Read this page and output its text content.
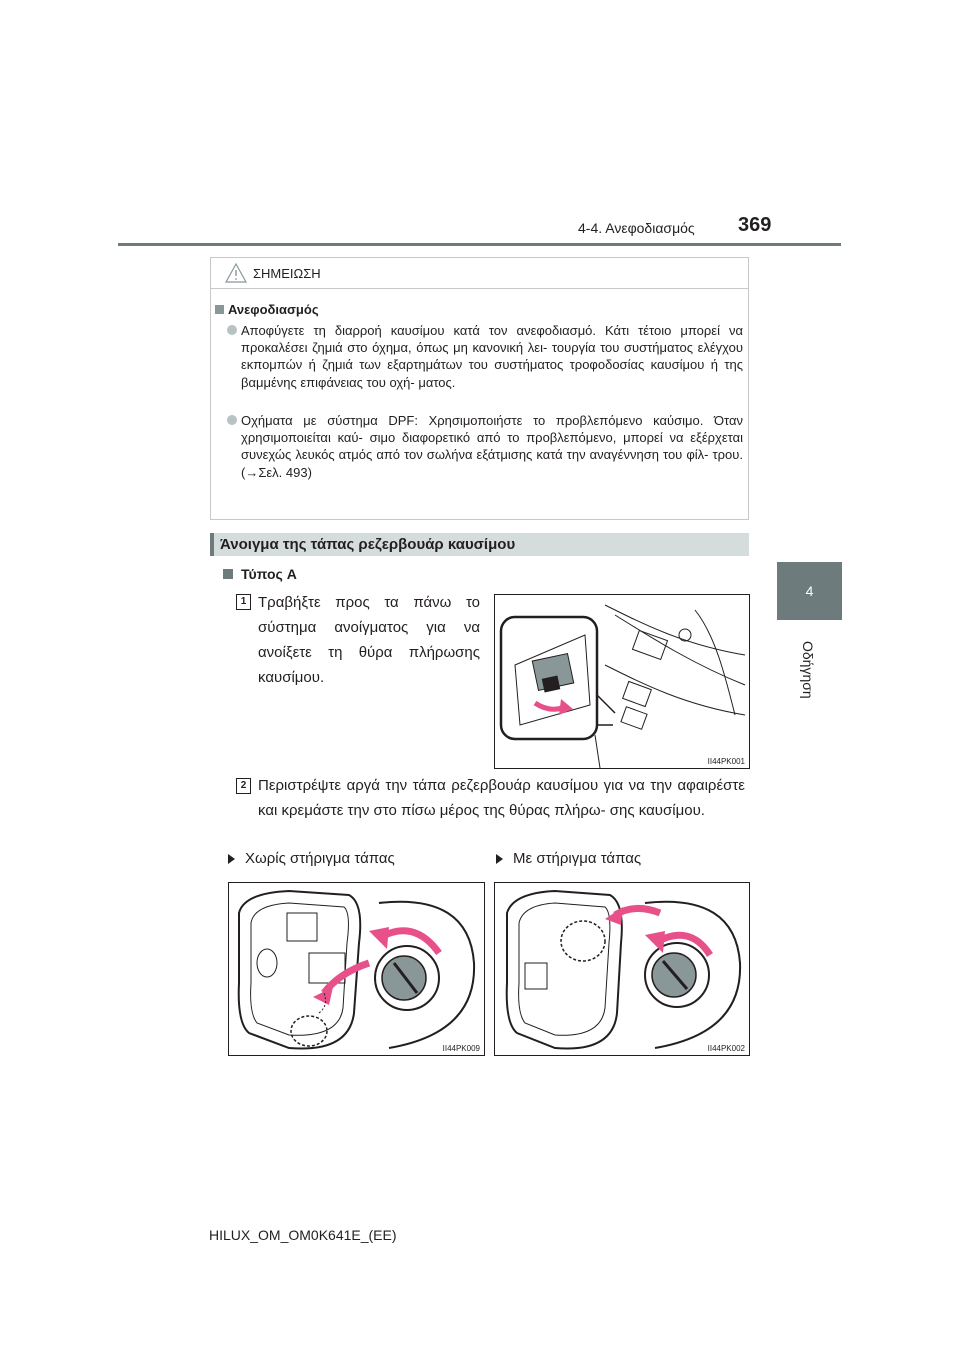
4-4. Ανεφοδιασμός 369
4
Οδήγηση
ΣΗΜΕΙΩΣΗ
Ανεφοδιασμός
Αποφύγετε τη διαρροή καυσίμου κατά τον ανεφοδιασμό. Κάτι τέτοιο μπορεί να προκαλέσει ζημιά στο όχημα, όπως μη κανονική λει- τουργία του συστήματος ελέγχου εκπομπών ή ζημιά των εξαρτημάτων του συστήματος τροφοδοσίας καυσίμου ή της βαμμένης επιφάνειας του οχή- ματος.
Οχήματα με σύστημα DPF: Χρησιμοποιήστε το προβλεπόμενο καύσιμο. Όταν χρησιμοποιείται καύ- σιμο διαφορετικό από το προβλεπόμενο, μπορεί να εξέρχεται συνεχώς λευκός ατμός από τον σωλήνα εξάτμισης κατά την αναγέννηση του φίλ- τρου. (→Σελ. 493)
Άνοιγμα της τάπας ρεζερβουάρ καυσίμου
Τύπος A
1 Τραβήξτε προς τα πάνω το σύστημα ανοίγματος για να ανοίξετε τη θύρα πλήρωσης καυσίμου.
II44PK001
2 Περιστρέψτε αργά την τάπα ρεζερβουάρ καυσίμου για να την αφαιρέστε και κρεμάστε την στο πίσω μέρος της θύρας πλήρω- σης καυσίμου.
Χωρίς στήριγμα τάπας	Με στήριγμα τάπας
II44PK009	II44PK002
HILUX_OM_OM0K641E_(EE)
